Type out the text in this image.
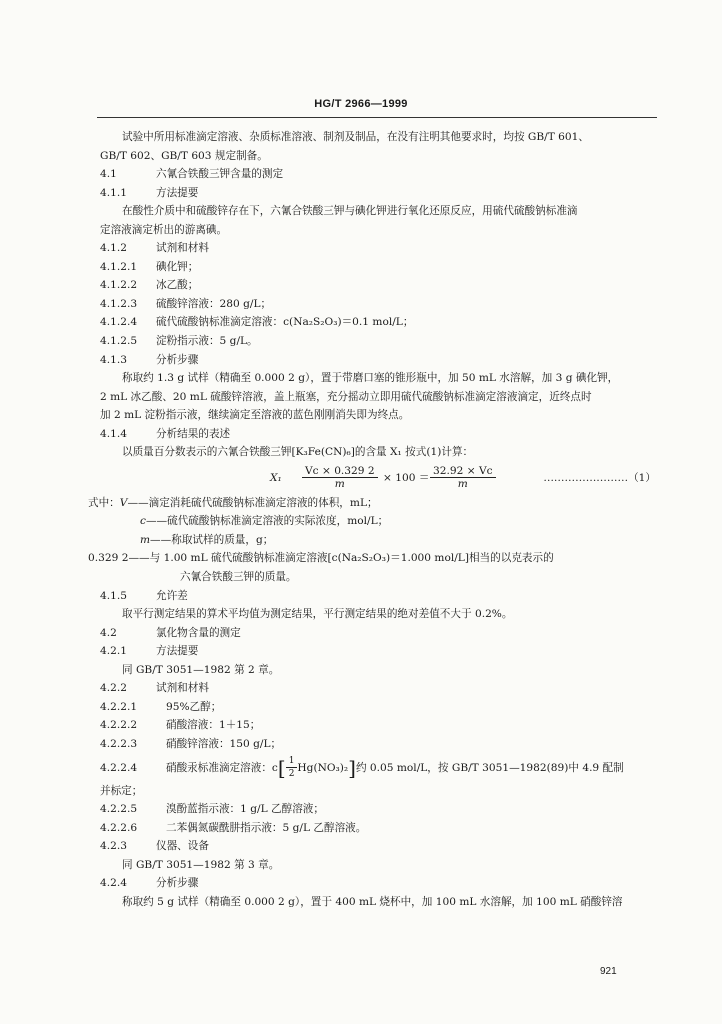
HG/T 2966—1999
试验中所用标准滴定溶液、杂质标准溶液、制剂及制品，在没有注明其他要求时，均按 GB/T 601、
GB/T 602、GB/T 603 规定制备。
4.1	六氰合铁酸三钾含量的测定
4.1.1	方法提要
在酸性介质中和硫酸锌存在下，六氰合铁酸三钾与碘化钾进行氧化还原反应，用硫代硫酸钠标准滴
定溶液滴定析出的游离碘。
4.1.2	试剂和材料
4.1.2.1 碘化钾；
4.1.2.2 冰乙酸；
4.1.2.3 硫酸锌溶液：280 g/L；
4.1.2.4 硫代硫酸钠标准滴定溶液：c(Na₂S₂O₃)＝0.1 mol/L；
4.1.2.5 淀粉指示液：5 g/L。
4.1.3	分析步骤
称取约 1.3 g 试样（精确至 0.000 2 g），置于带磨口塞的锥形瓶中，加 50 mL 水溶解，加 3 g 碘化钾，
2 mL 冰乙酸、20 mL 硫酸锌溶液，盖上瓶塞，充分摇动立即用硫代硫酸钠标准滴定溶液滴定，近终点时
加 2 mL 淀粉指示液，继续滴定至溶液的蓝色刚刚消失即为终点。
4.1.4	分析结果的表述
以质量百分数表示的六氰合铁酸三钾[K₃Fe(CN)₆]的含量 X₁ 按式(1)计算：
$X_1 \frac{Vc \times 0.329 2}{m} \times 100 = \frac{32.92 \times Vc}{m}$	……………………（1）
式中：V——滴定消耗硫代硫酸钠标准滴定溶液的体积，mL；
c——硫代硫酸钠标准滴定溶液的实际浓度，mol/L；
m——称取试样的质量，g；
0.329 2——与 1.00 mL 硫代硫酸钠标准滴定溶液[c(Na₂S₂O₃)＝1.000 mol/L]相当的以克表示的
六氰合铁酸三钾的质量。
4.1.5	允许差
取平行测定结果的算术平均值为测定结果，平行测定结果的绝对差值不大于 0.2%。
4.2	氯化物含量的测定
4.2.1	方法提要
同 GB/T 3051—1982 第 2 章。
4.2.2	试剂和材料
4.2.2.1	95%乙醇；
4.2.2.2	硝酸溶液：1＋15；
4.2.2.3	硝酸锌溶液：150 g/L；
4.2.2.4	硝酸汞标准滴定溶液：$c[ \frac{1}{2} Hg(NO_3)_2]$约 0.05 mol/L，按 GB/T 3051—1982(89)中 4.9 配制
并标定；
4.2.2.5	溴酚蓝指示液：1 g/L 乙醇溶液；
4.2.2.6	二苯偶氮碳酰肼指示液：5 g/L 乙醇溶液。
4.2.3	仪器、设备
同 GB/T 3051—1982 第 3 章。
4.2.4	分析步骤
称取约 5 g 试样（精确至 0.000 2 g），置于 400 mL 烧杯中，加 100 mL 水溶解，加 100 mL 硝酸锌溶
921
